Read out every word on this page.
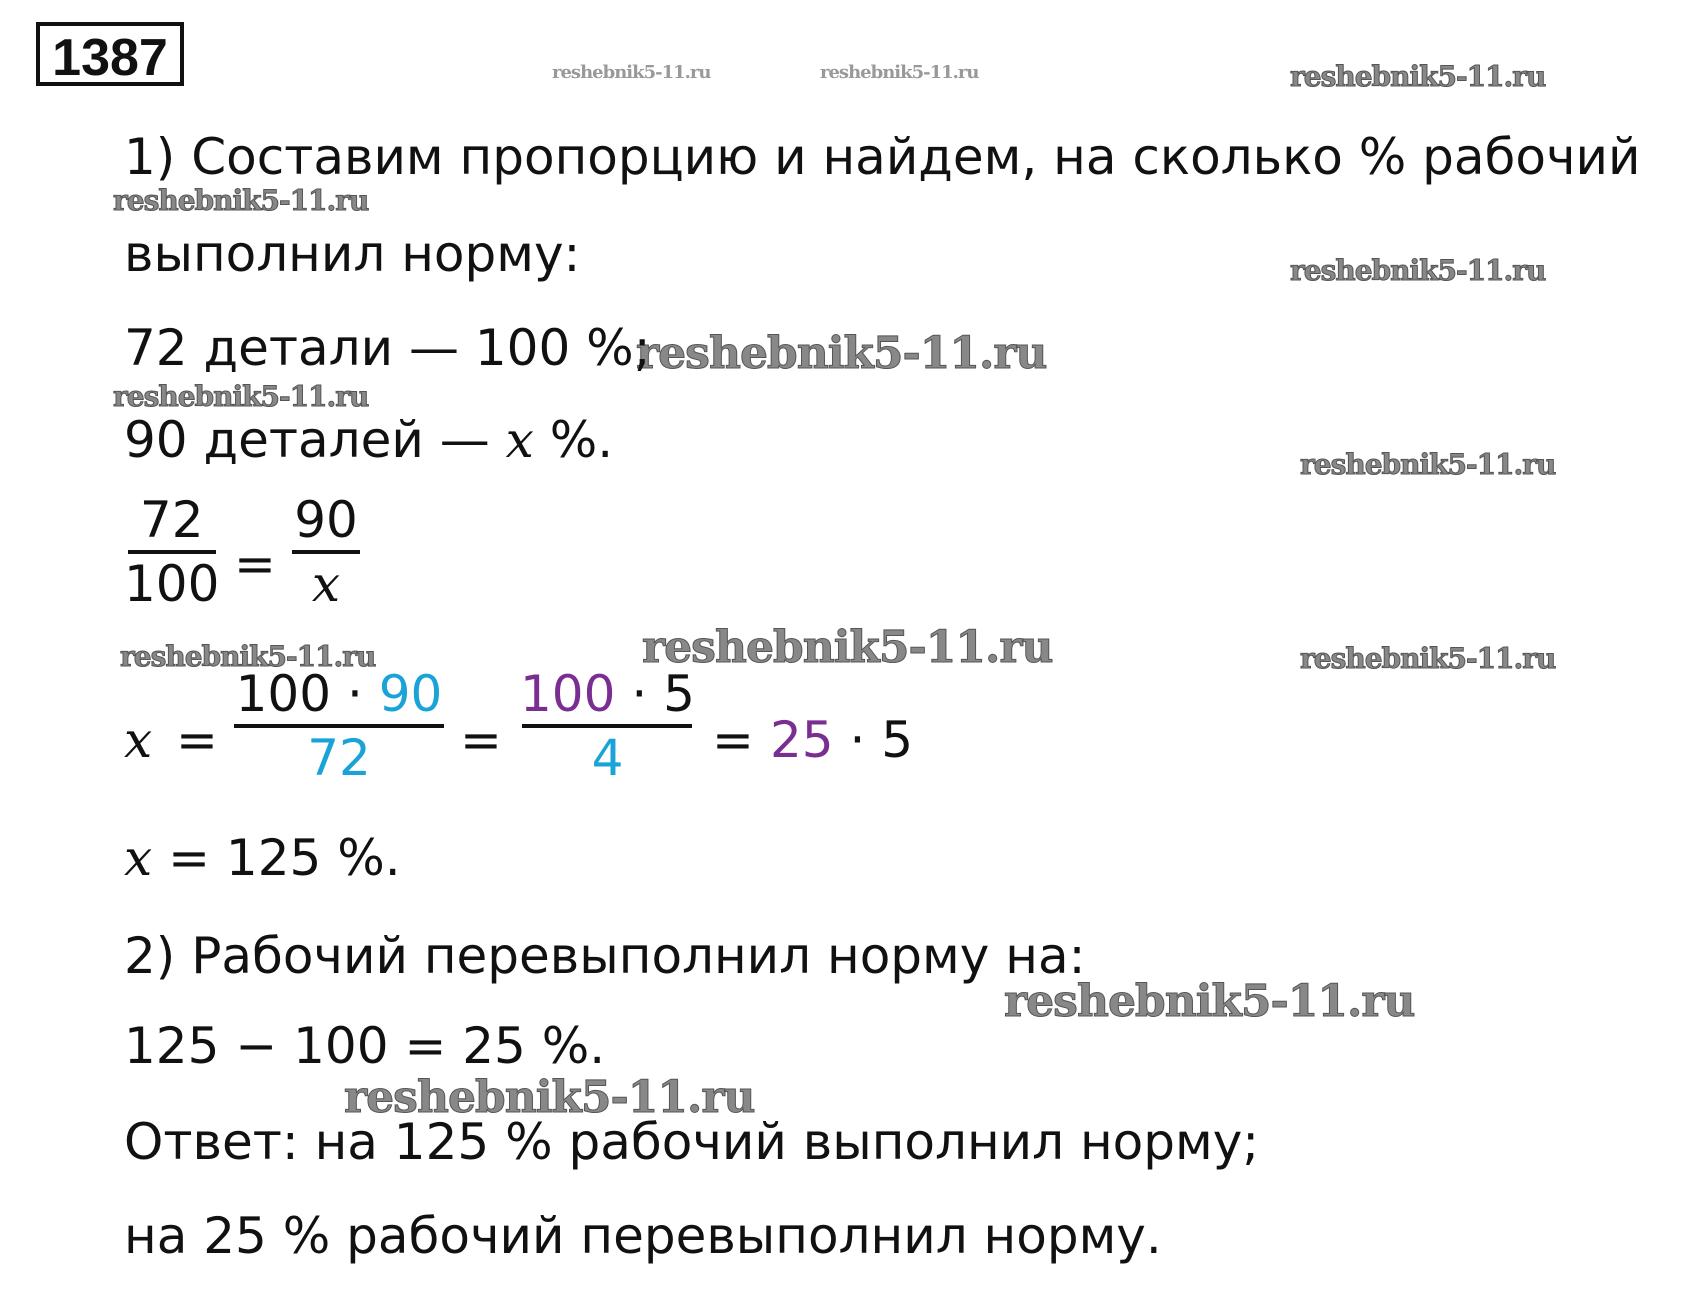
1387	reshebnik5-11.ru	reshebnik5-11.ru	reshebnik5-11.ru
reshebnik5-11.ru
reshebnik5-11.ru
reshebnik5-11.ru
reshebnik5-11.ru
reshebnik5-11.ru
reshebnik5-11.ru
reshebnik5-11.ru	reshebnik5-11.ru
reshebnik5-11.ru
reshebnik5-11.ru
1) Составим пропорцию и найдем, на сколько % рабочий
выполнил норму:
72 детали — 100 %;
90 деталей — x %.
72
100 =
90
x
x =
100 · 90
72 =
100 · 5
4 = 25 · 5
x = 125 %.
2) Рабочий перевыполнил норму на:
125 − 100 = 25 %.
Ответ: на 125 % рабочий выполнил норму;
на 25 % рабочий перевыполнил норму.
